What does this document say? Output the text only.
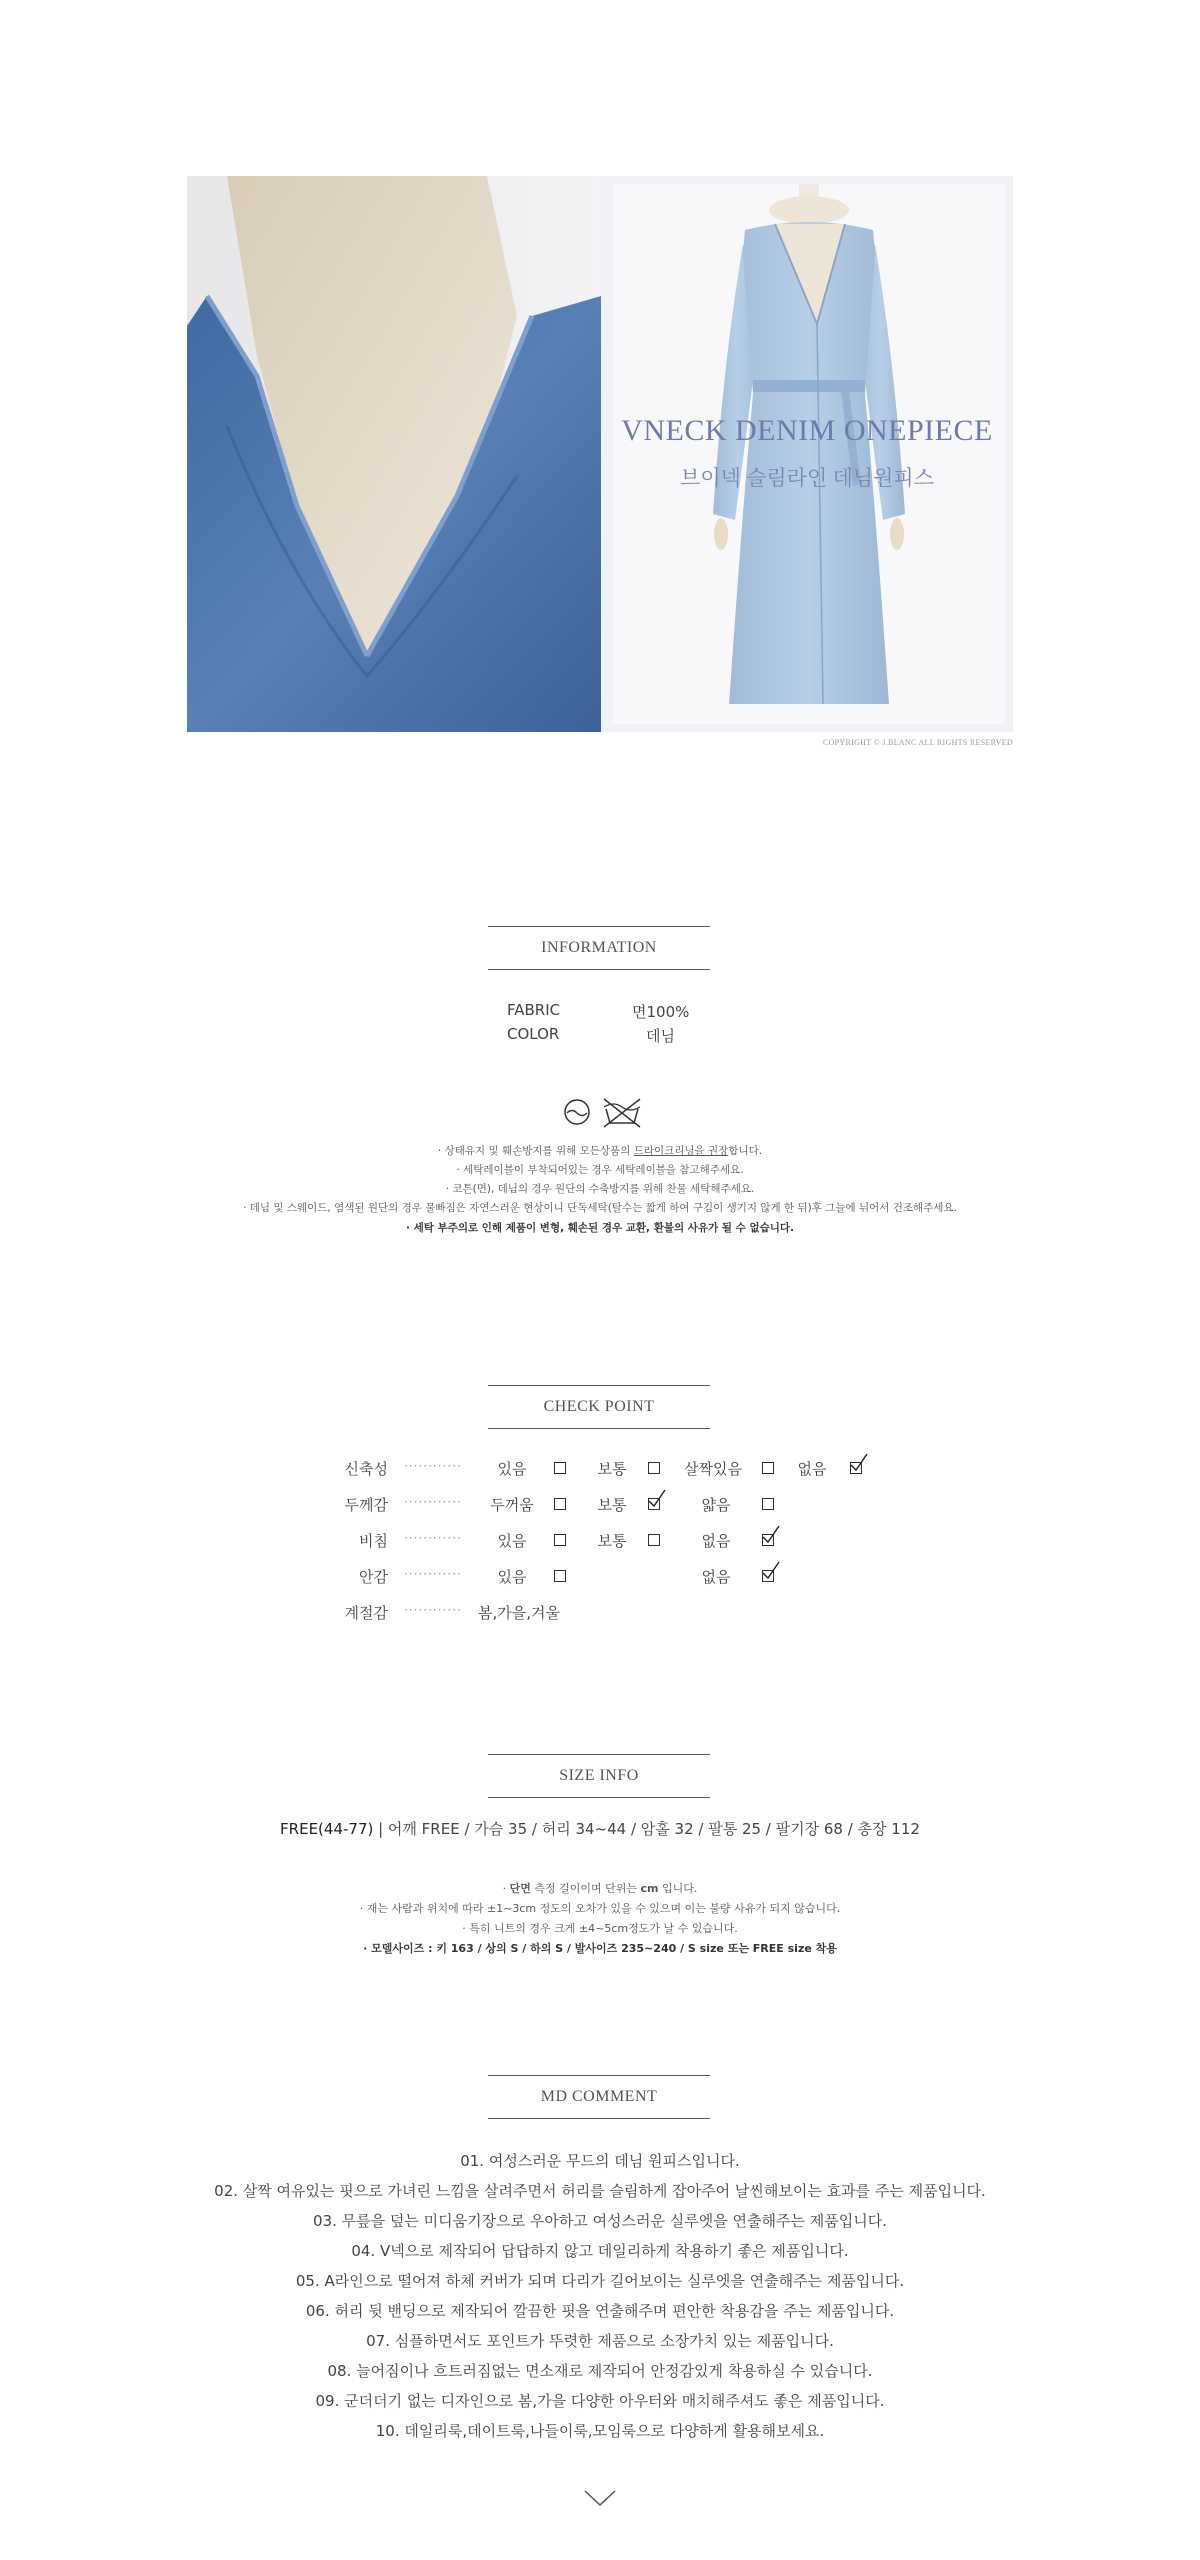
VNECK DENIM ONEPIECE
브이넥 슬림라인 데님원피스
COPYRIGHT © J.BLANC ALL RIGHTS RESERVED
INFORMATION
FABRIC	면100%
COLOR	데님
· 상태유지 및 훼손방지를 위해 모든상품의 드라이크리닝을 권장합니다.
· 세탁레이블이 부착되어있는 경우 세탁레이블을 참고해주세요.
· 코튼(면), 데님의 경우 원단의 수축방지를 위해 찬물 세탁해주세요.
· 데님 및 스웨이드, 염색된 원단의 경우 물빠짐은 자연스러운 현상이니 단독세탁(탈수는 짧게 하여 구김이 생기지 않게 한 뒤)후 그늘에 뉘어서 건조해주세요.
· 세탁 부주의로 인해 제품이 변형, 훼손된 경우 교환, 환불의 사유가 될 수 없습니다.
CHECK POINT
신축성 ············	있음	보통	살짝있음	없음
두께감 ············	두꺼움	보통	얇음
비침 ············	있음	보통	없음
안감 ············	있음	없음
계절감 ············ 봄,가을,겨울
SIZE INFO
FREE(44-77) | 어깨 FREE / 가슴 35 / 허리 34~44 / 암홀 32 / 팔통 25 / 팔기장 68 / 총장 112
· 단면 측정 길이이며 단위는 cm 입니다.
· 재는 사람과 위치에 따라 ±1~3cm 정도의 오차가 있을 수 있으며 이는 불량 사유가 되지 않습니다.
· 특히 니트의 경우 크게 ±4~5cm정도가 날 수 있습니다.
· 모델사이즈 : 키 163 / 상의 S / 하의 S / 발사이즈 235~240 / S size 또는 FREE size 착용
MD COMMENT
01. 여성스러운 무드의 데님 원피스입니다.
02. 살짝 여유있는 핏으로 가녀린 느낌을 살려주면서 허리를 슬림하게 잡아주어 날씬해보이는 효과를 주는 제품입니다.
03. 무릎을 덮는 미디움기장으로 우아하고 여성스러운 실루엣을 연출해주는 제품입니다.
04. V넥으로 제작되어 답답하지 않고 데일리하게 착용하기 좋은 제품입니다.
05. A라인으로 떨어져 하체 커버가 되며 다리가 길어보이는 실루엣을 연출해주는 제품입니다.
06. 허리 뒷 밴딩으로 제작되어 깔끔한 핏을 연출해주며 편안한 착용감을 주는 제품입니다.
07. 심플하면서도 포인트가 뚜렷한 제품으로 소장가치 있는 제품입니다.
08. 늘어짐이나 흐트러짐없는 면소재로 제작되어 안정감있게 착용하실 수 있습니다.
09. 군더더기 없는 디자인으로 봄,가을 다양한 아우터와 매치해주셔도 좋은 제품입니다.
10. 데일리룩,데이트룩,나들이룩,모임룩으로 다양하게 활용해보세요.
